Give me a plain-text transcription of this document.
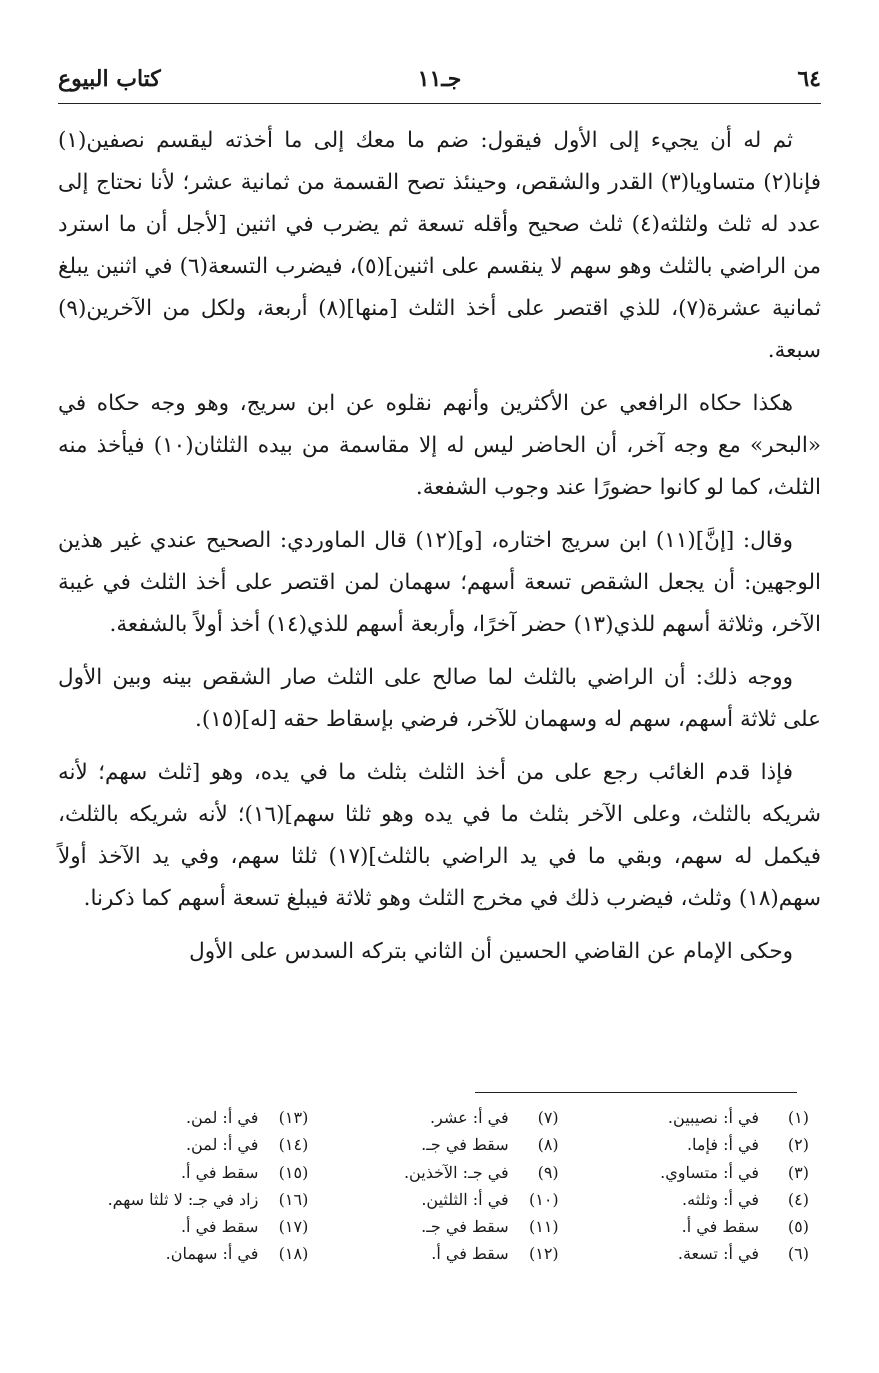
٦٤
جـ١١
كتاب البيوع

ثم له أن يجيء إلى الأول فيقول: ضم ما معك إلى ما أخذته ليقسم نصفين(١) فإنا(٢) متساويا(٣) القدر والشقص، وحينئذ تصح القسمة من ثمانية عشر؛ لأنا نحتاج إلى عدد له ثلث ولثلثه(٤) ثلث صحيح وأقله تسعة ثم يضرب في اثنين [لأجل أن ما استرد من الراضي بالثلث وهو سهم لا ينقسم على اثنين](٥)، فيضرب التسعة(٦) في اثنين يبلغ ثمانية عشرة(٧)، للذي اقتصر على أخذ الثلث [منها](٨) أربعة، ولكل من الآخرين(٩) سبعة.

هكذا حكاه الرافعي عن الأكثرين وأنهم نقلوه عن ابن سريج، وهو وجه حكاه في «البحر» مع وجه آخر، أن الحاضر ليس له إلا مقاسمة من بيده الثلثان(١٠) فيأخذ منه الثلث، كما لو كانوا حضورًا عند وجوب الشفعة.

وقال: [إنَّ](١١) ابن سريج اختاره، [و](١٢) قال الماوردي: الصحيح عندي غير هذين الوجهين: أن يجعل الشقص تسعة أسهم؛ سهمان لمن اقتصر على أخذ الثلث في غيبة الآخر، وثلاثة أسهم للذي(١٣) حضر آخرًا، وأربعة أسهم للذي(١٤) أخذ أولاً بالشفعة.

ووجه ذلك: أن الراضي بالثلث لما صالح على الثلث صار الشقص بينه وبين الأول على ثلاثة أسهم، سهم له وسهمان للآخر، فرضي بإسقاط حقه [له](١٥).

فإذا قدم الغائب رجع على من أخذ الثلث بثلث ما في يده، وهو [ثلث سهم؛ لأنه شريكه بالثلث، وعلى الآخر بثلث ما في يده وهو ثلثا سهم](١٦)؛ لأنه شريكه بالثلث، فيكمل له سهم، وبقي ما في يد الراضي بالثلث](١٧) ثلثا سهم، وفي يد الآخذ أولاً سهم(١٨) وثلث، فيضرب ذلك في مخرج الثلث وهو ثلاثة فيبلغ تسعة أسهم كما ذكرنا.

وحكى الإمام عن القاضي الحسين أن الثاني بتركه السدس على الأول

(١)في أ: نصيبين.
(٢)في أ: فإما.
(٣)في أ: متساوي.
(٤)في أ: وثلثه.
(٥)سقط في أ.
(٦)في أ: تسعة.
(٧)في أ: عشر.
(٨)سقط في جـ.
(٩)في جـ: الآخذين.
(١٠)في أ: الثلثين.
(١١)سقط في جـ.
(١٢)سقط في أ.
(١٣)في أ: لمن.
(١٤)في أ: لمن.
(١٥)سقط في أ.
(١٦)زاد في جـ: لا ثلثا سهم.
(١٧)سقط في أ.
(١٨)في أ: سهمان.
